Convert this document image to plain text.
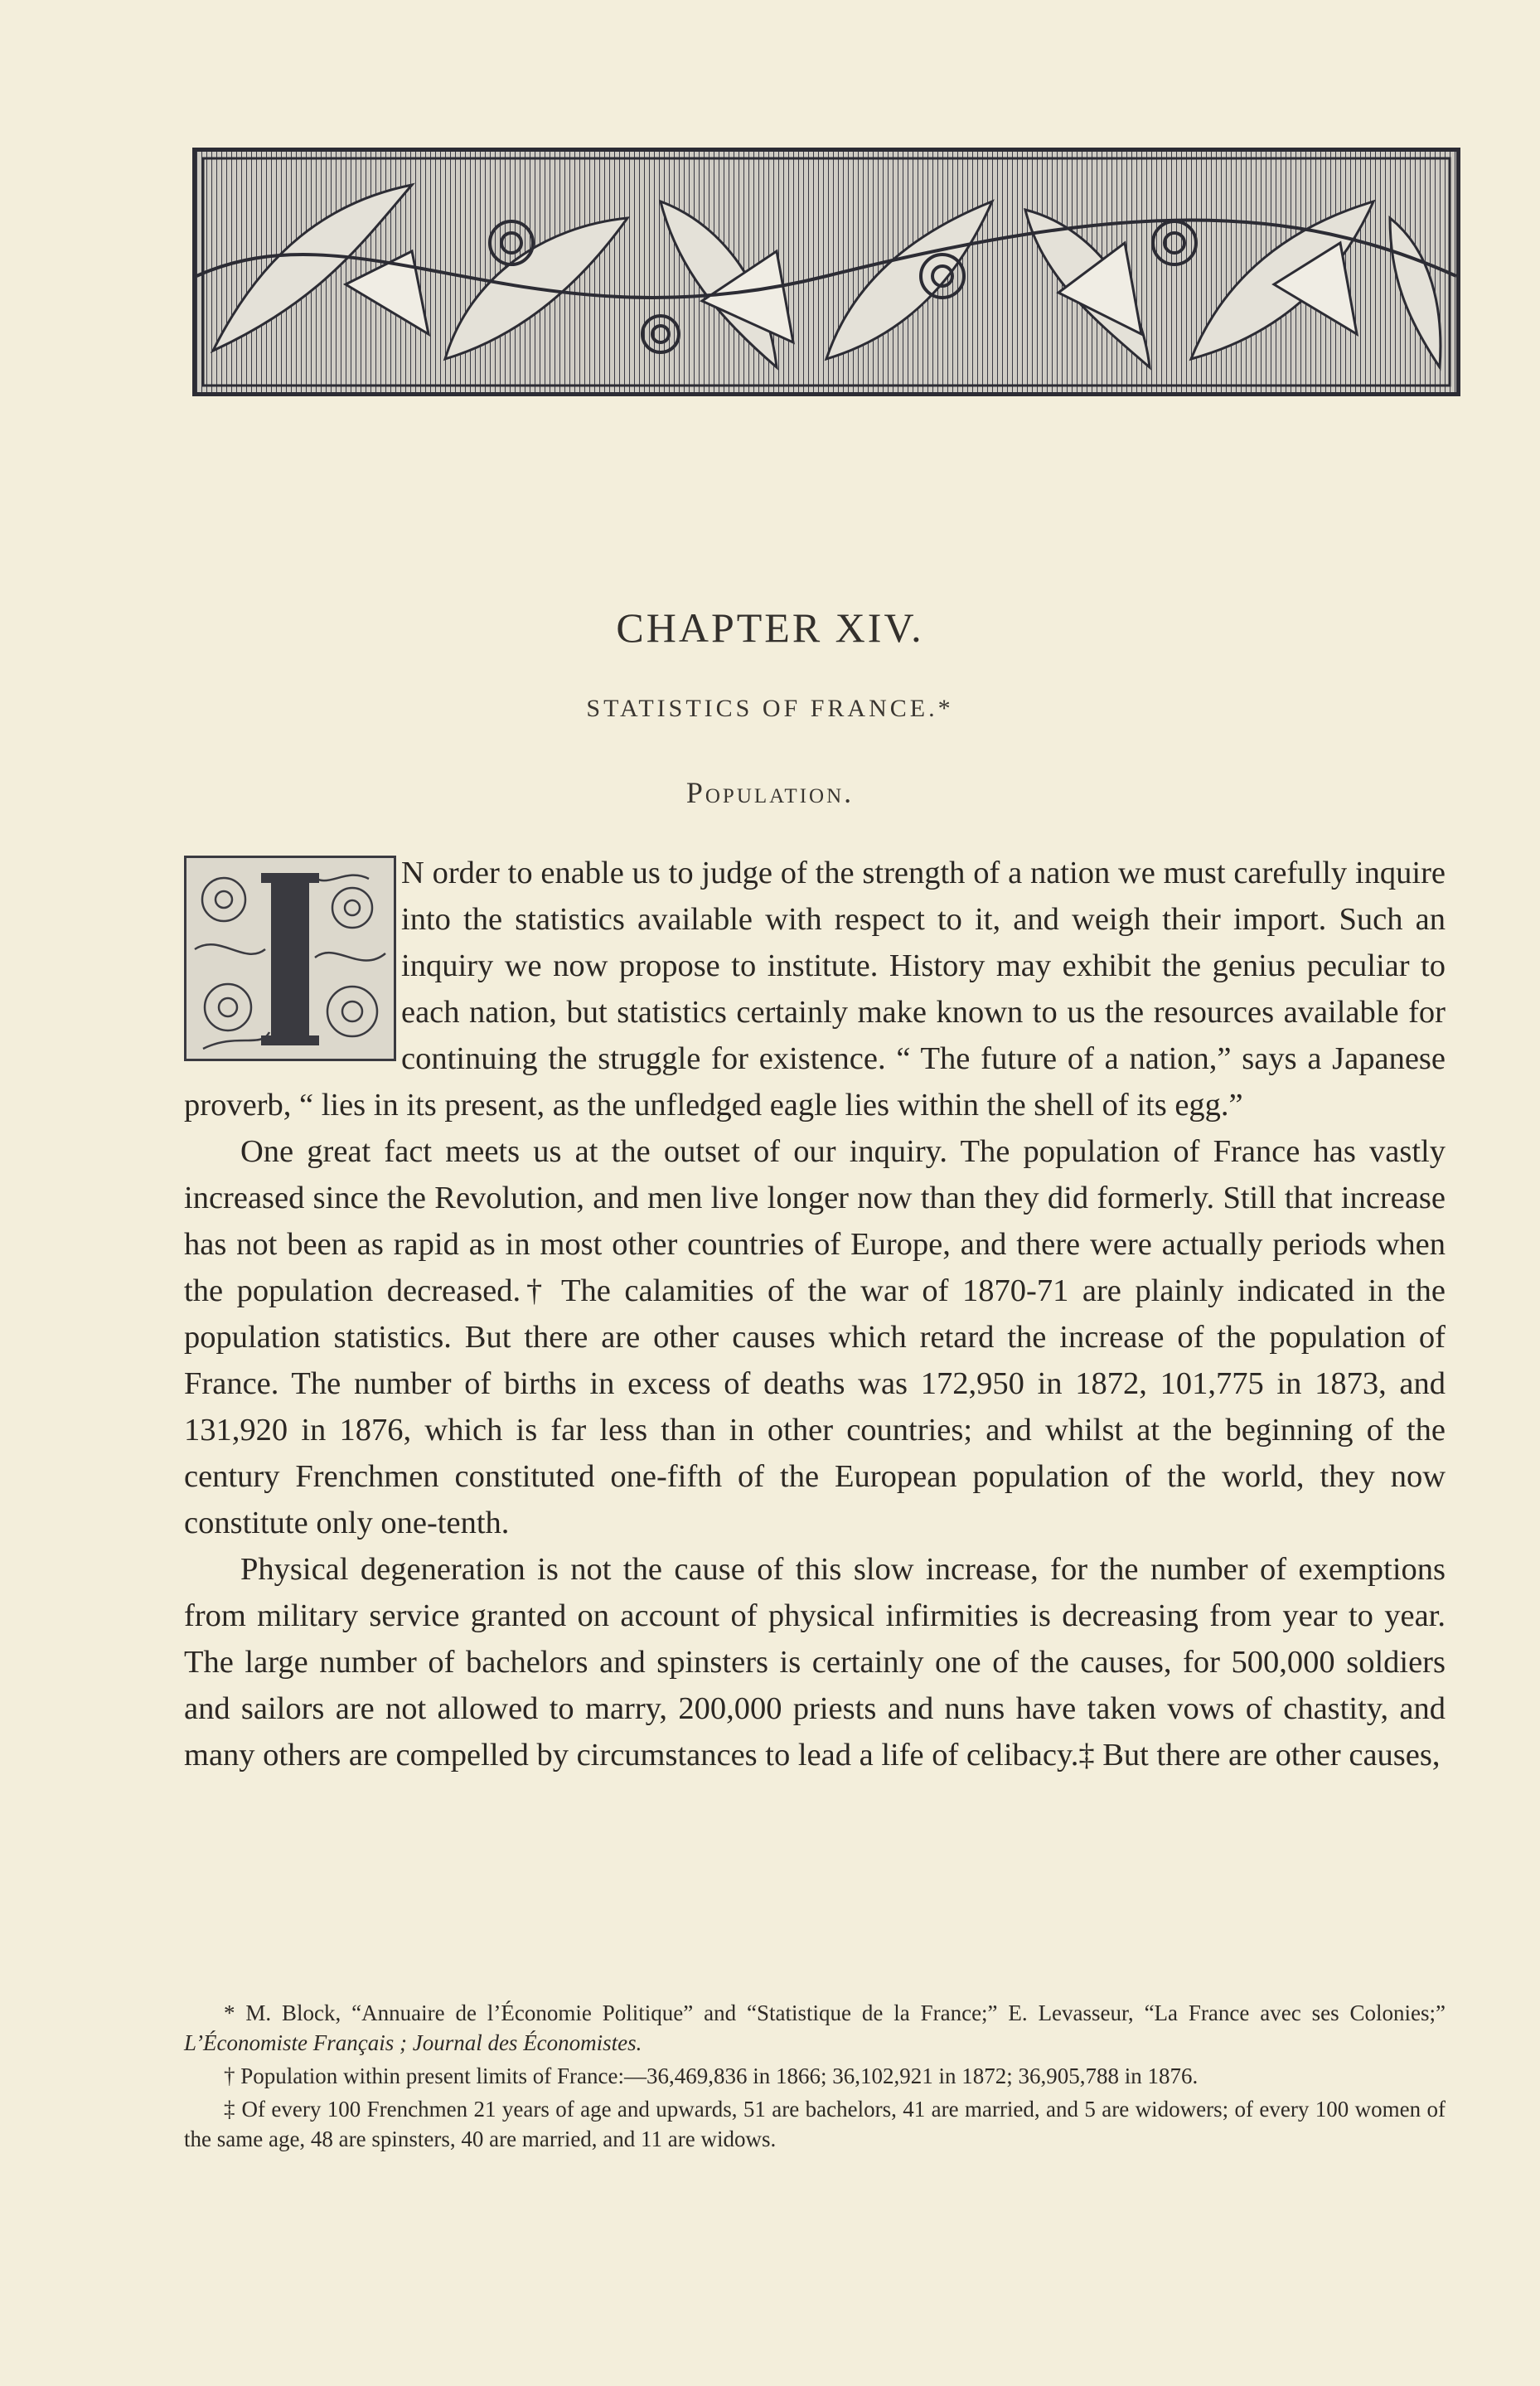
CHAPTER XIV.
STATISTICS OF FRANCE.*
Population.

N order to enable us to judge of the strength of a nation we must carefully inquire into the statistics available with respect to it, and weigh their import. Such an inquiry we now propose to institute. History may exhibit the genius peculiar to each nation, but statistics certainly make known to us the resources available for continuing the struggle for existence. “ The future of a nation,” says a Japanese proverb, “ lies in its present, as the unfledged eagle lies within the shell of its egg.”

One great fact meets us at the outset of our inquiry. The population of France has vastly increased since the Revolution, and men live longer now than they did formerly. Still that increase has not been as rapid as in most other countries of Europe, and there were actually periods when the population decreased.† The calamities of the war of 1870-71 are plainly indicated in the population statistics. But there are other causes which retard the increase of the population of France. The number of births in excess of deaths was 172,950 in 1872, 101,775 in 1873, and 131,920 in 1876, which is far less than in other countries; and whilst at the beginning of the century Frenchmen constituted one-fifth of the European population of the world, they now constitute only one-tenth.

Physical degeneration is not the cause of this slow increase, for the number of exemptions from military service granted on account of physical infirmities is decreasing from year to year. The large number of bachelors and spinsters is certainly one of the causes, for 500,000 soldiers and sailors are not allowed to marry, 200,000 priests and nuns have taken vows of chastity, and many others are compelled by circumstances to lead a life of celibacy.‡ But there are other causes,

* M. Block, “Annuaire de l’Économie Politique” and “Statistique de la France;” E. Levasseur, “La France avec ses Colonies;” L’Économiste Français ; Journal des Économistes.

† Population within present limits of France:—36,469,836 in 1866; 36,102,921 in 1872; 36,905,788 in 1876.

‡ Of every 100 Frenchmen 21 years of age and upwards, 51 are bachelors, 41 are married, and 5 are widowers; of every 100 women of the same age, 48 are spinsters, 40 are married, and 11 are widows.
